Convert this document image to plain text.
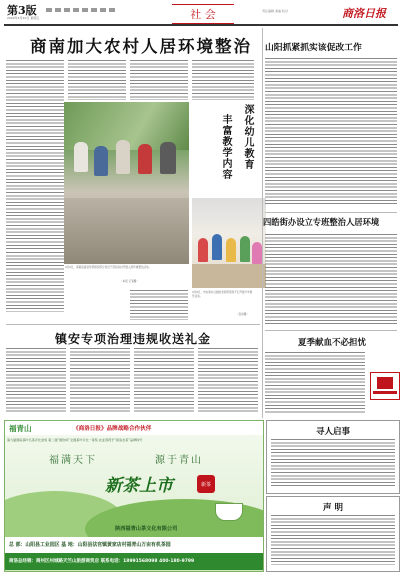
第3版
2020年4月10日 星期五	社 会	责任编辑 美编 校对	商洛日报
商南加大农村人居环境整治
4月2日，商南县委宣传部组织部分党员干部到乡村开展人居环境整治活动。
（本报 记者摄）
深化幼儿教育
丰富教学内容
4月8日，市实验幼儿园的老师带领孩子们开展户外教学活动。
（张彩摄）
镇安专项治理违规收送礼金
山阳抓紧抓实该促改工作
四皓街办设立专班整治人居环境
夏季献血不必担忧
福青山	《商洛日报》品牌战略合作伙伴
第九届国际茶叶名茶评比金奖 第二届“国饮杯”全国茶叶评比一等奖 农业部授予“商洛龙茶”品牌称号
福满天下	源于青山
新茶上市	新茶
陕西福青山茶文化有限公司
总 部：山阳县工业园区 基 地：山阳县法官镇黄家店村福青山万亩有机茶园
商洛总经销：商州区州城路天竺山旅游商贸店 联系电话：18991568098 400-180-9799
寻人启事
声 明
